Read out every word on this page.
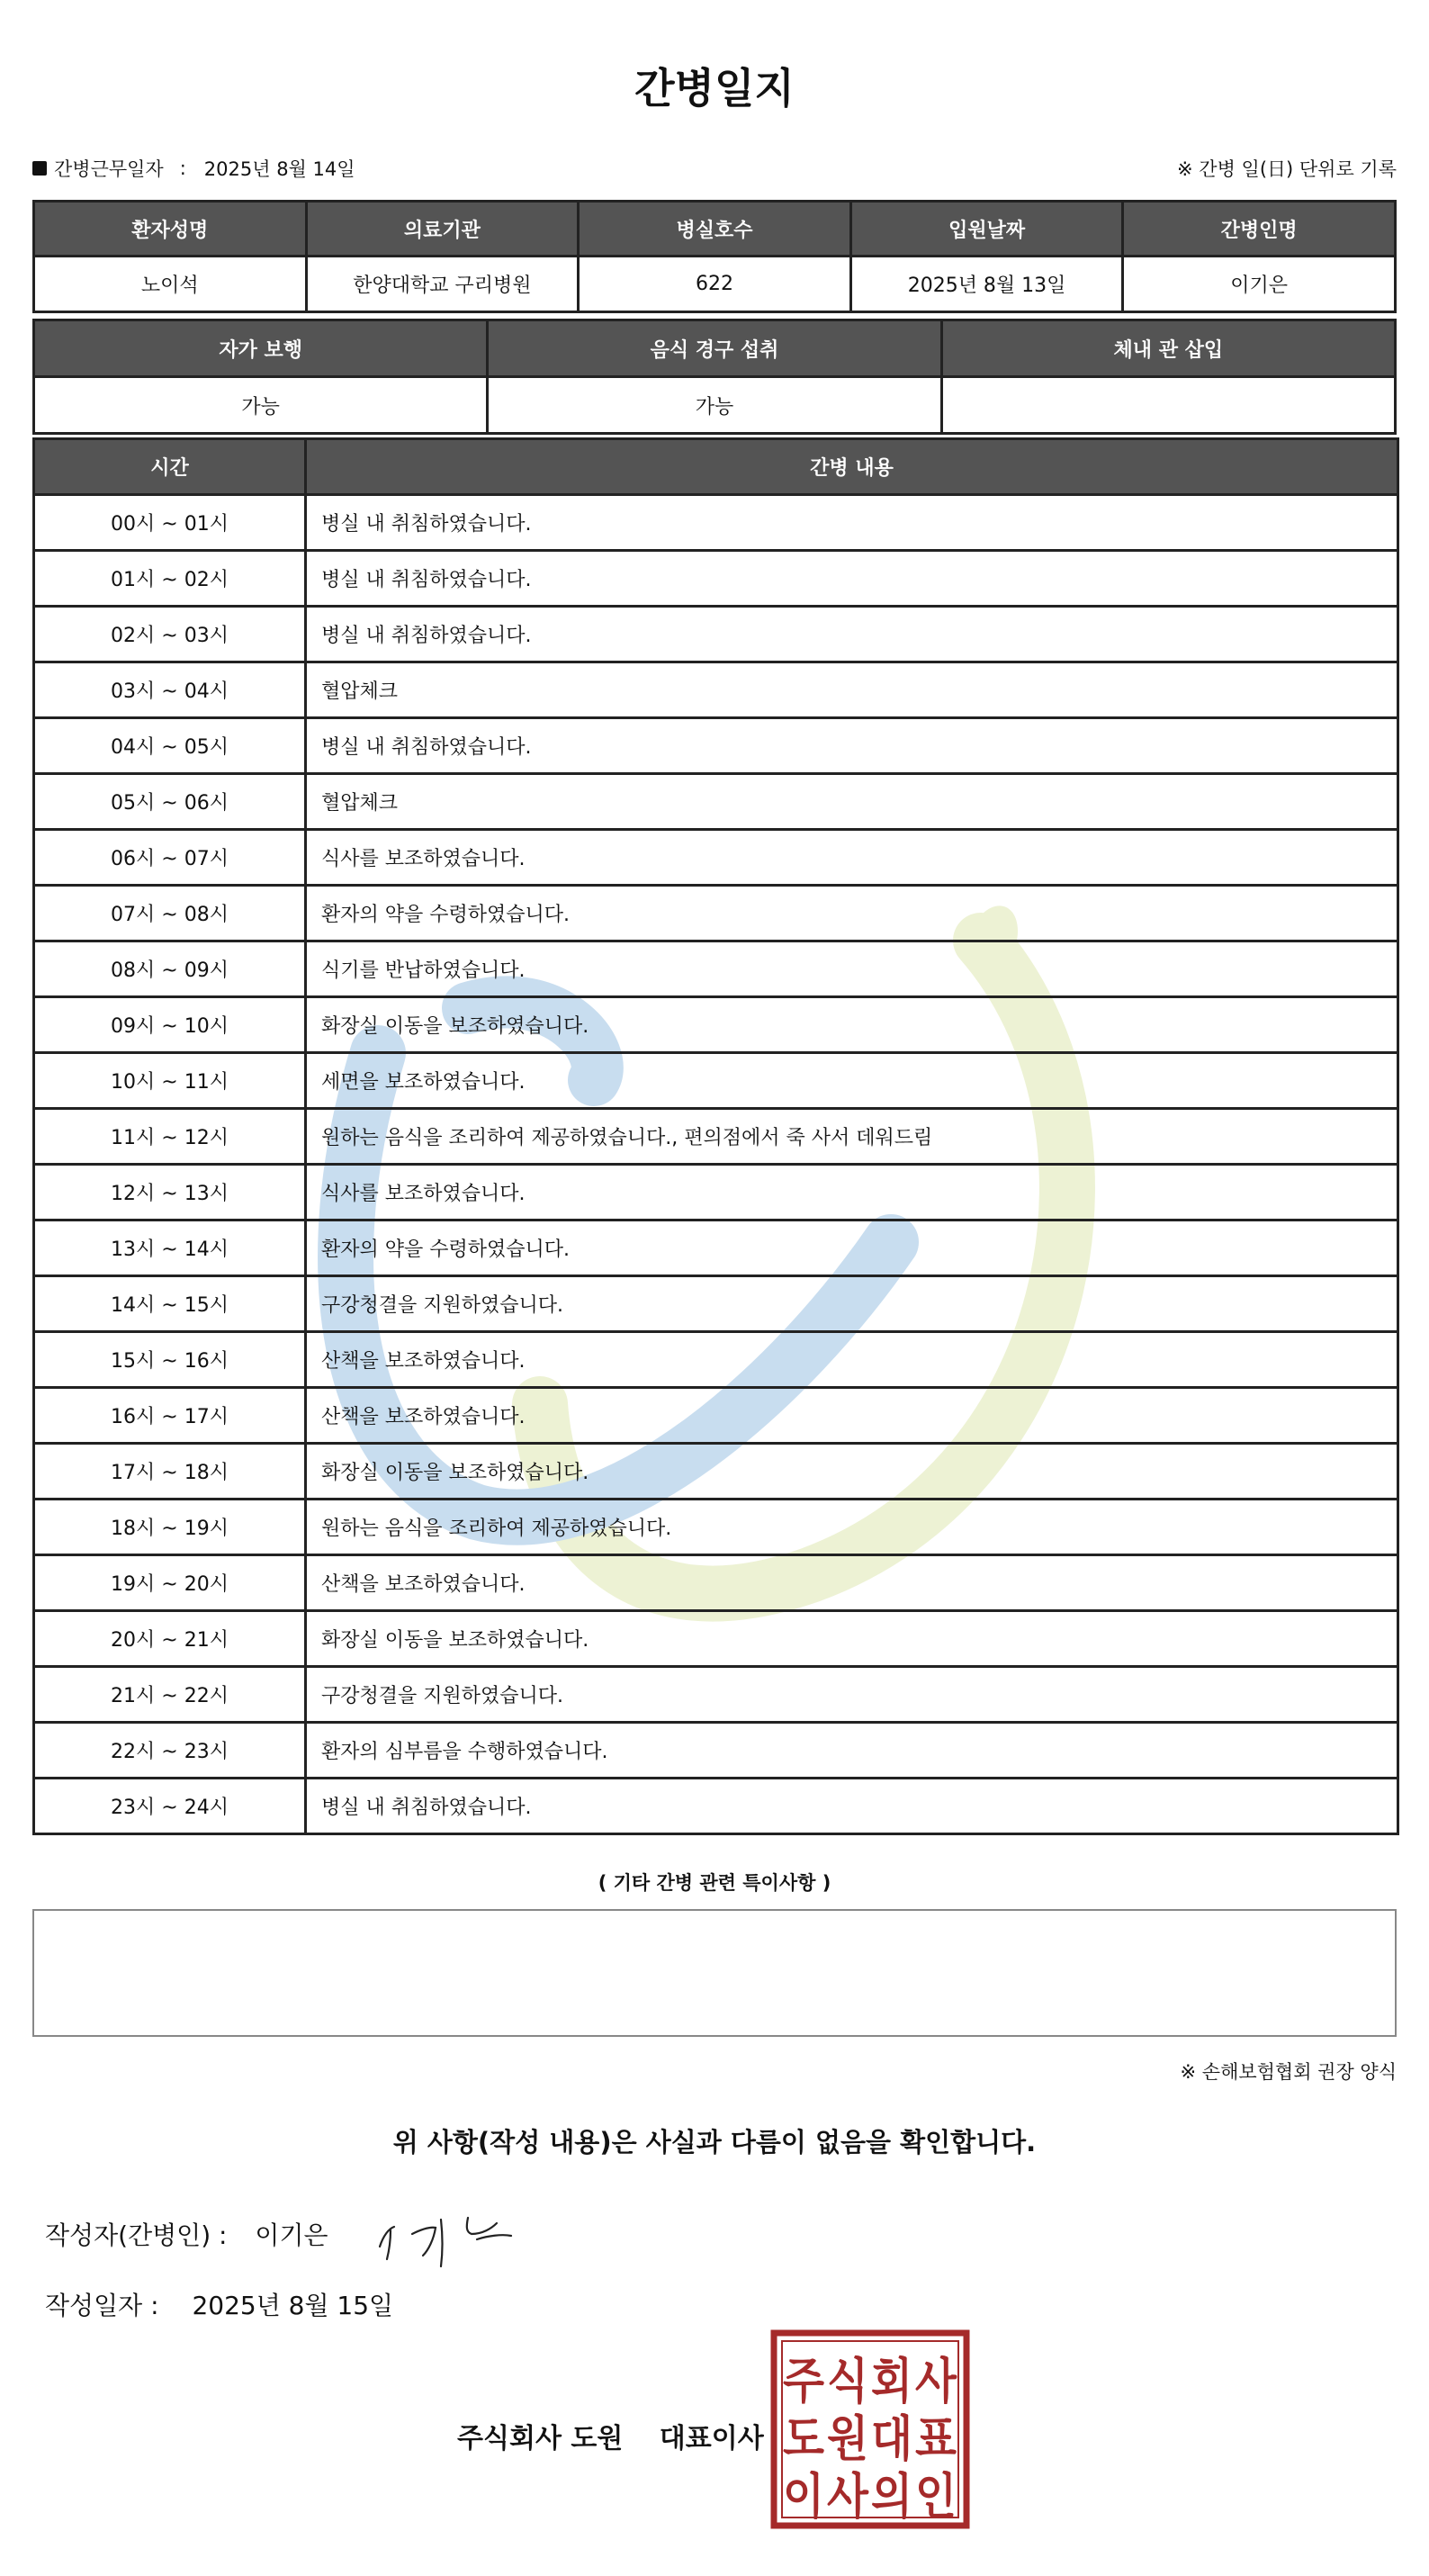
간병일지
간병근무일자 : 2025년 8월 14일	※ 간병 일(日) 단위로 기록
환자성명	의료기관	병실호수	입원날짜	간병인명
노이석	한양대학교 구리병원	622	2025년 8월 13일	이기은
자가 보행	음식 경구 섭취	체내 관 삽입
가능	가능	
시간	간병 내용
00시 ~ 01시	병실 내 취침하였습니다.
01시 ~ 02시	병실 내 취침하였습니다.
02시 ~ 03시	병실 내 취침하였습니다.
03시 ~ 04시	혈압체크
04시 ~ 05시	병실 내 취침하였습니다.
05시 ~ 06시	혈압체크
06시 ~ 07시	식사를 보조하였습니다.
07시 ~ 08시	환자의 약을 수령하였습니다.
08시 ~ 09시	식기를 반납하였습니다.
09시 ~ 10시	화장실 이동을 보조하였습니다.
10시 ~ 11시	세면을 보조하였습니다.
11시 ~ 12시	원하는 음식을 조리하여 제공하였습니다., 편의점에서 죽 사서 데워드림
12시 ~ 13시	식사를 보조하였습니다.
13시 ~ 14시	환자의 약을 수령하였습니다.
14시 ~ 15시	구강청결을 지원하였습니다.
15시 ~ 16시	산책을 보조하였습니다.
16시 ~ 17시	산책을 보조하였습니다.
17시 ~ 18시	화장실 이동을 보조하였습니다.
18시 ~ 19시	원하는 음식을 조리하여 제공하였습니다.
19시 ~ 20시	산책을 보조하였습니다.
20시 ~ 21시	화장실 이동을 보조하였습니다.
21시 ~ 22시	구강청결을 지원하였습니다.
22시 ~ 23시	환자의 심부름을 수행하였습니다.
23시 ~ 24시	병실 내 취침하였습니다.
( 기타 간병 관련 특이사항 )
※ 손해보험협회 권장 양식
위 사항(작성 내용)은 사실과 다름이 없음을 확인합니다.
작성자(간병인) : 이기은
작성일자 : 2025년 8월 15일
주식회사 도원 대표이사
주 식 회 사
도 원 대 표
이 사 의 인
